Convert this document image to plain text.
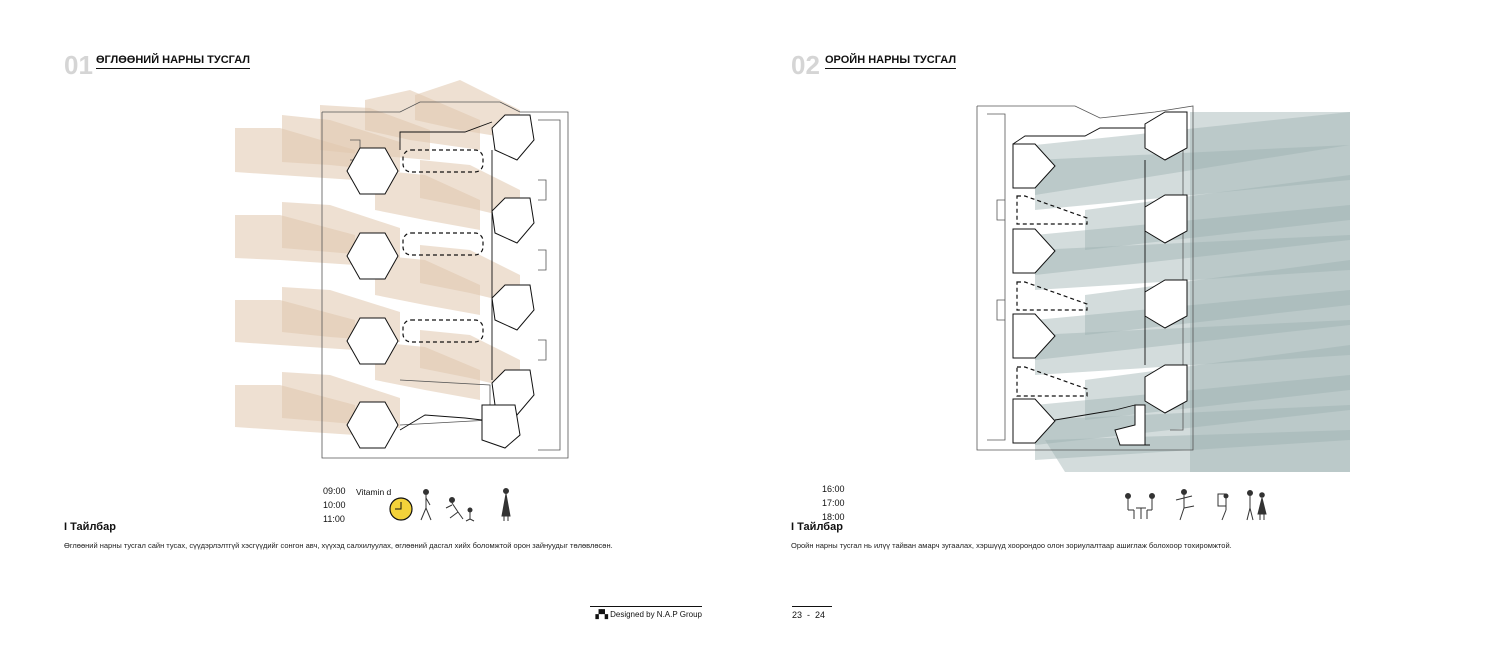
01 ӨГЛӨӨНИЙ НАРНЫ ТУСГАЛ
09:00
10:00
11:00
Vitamin d
I Тайлбар
Өглөөний нарны тусгал сайн тусах, сүүдэрлэлтгүй хэсгүүдийг сонгон авч, хүүхэд салхилуулах, өглөөний дасгал хийх боломжтой орон зайнуудыг төлөвлөсөн.
▞▚ Designed by N.A.P Group
02 ОРОЙН НАРНЫ ТУСГАЛ
16:00
17:00
18:00
I Тайлбар
Оройн нарны тусгал нь илүү тайван амарч зугаалах, хэршүүд хоорондоо олон зориулалтаар ашиглаж болохоор тохиромжтой.
23  -  24
